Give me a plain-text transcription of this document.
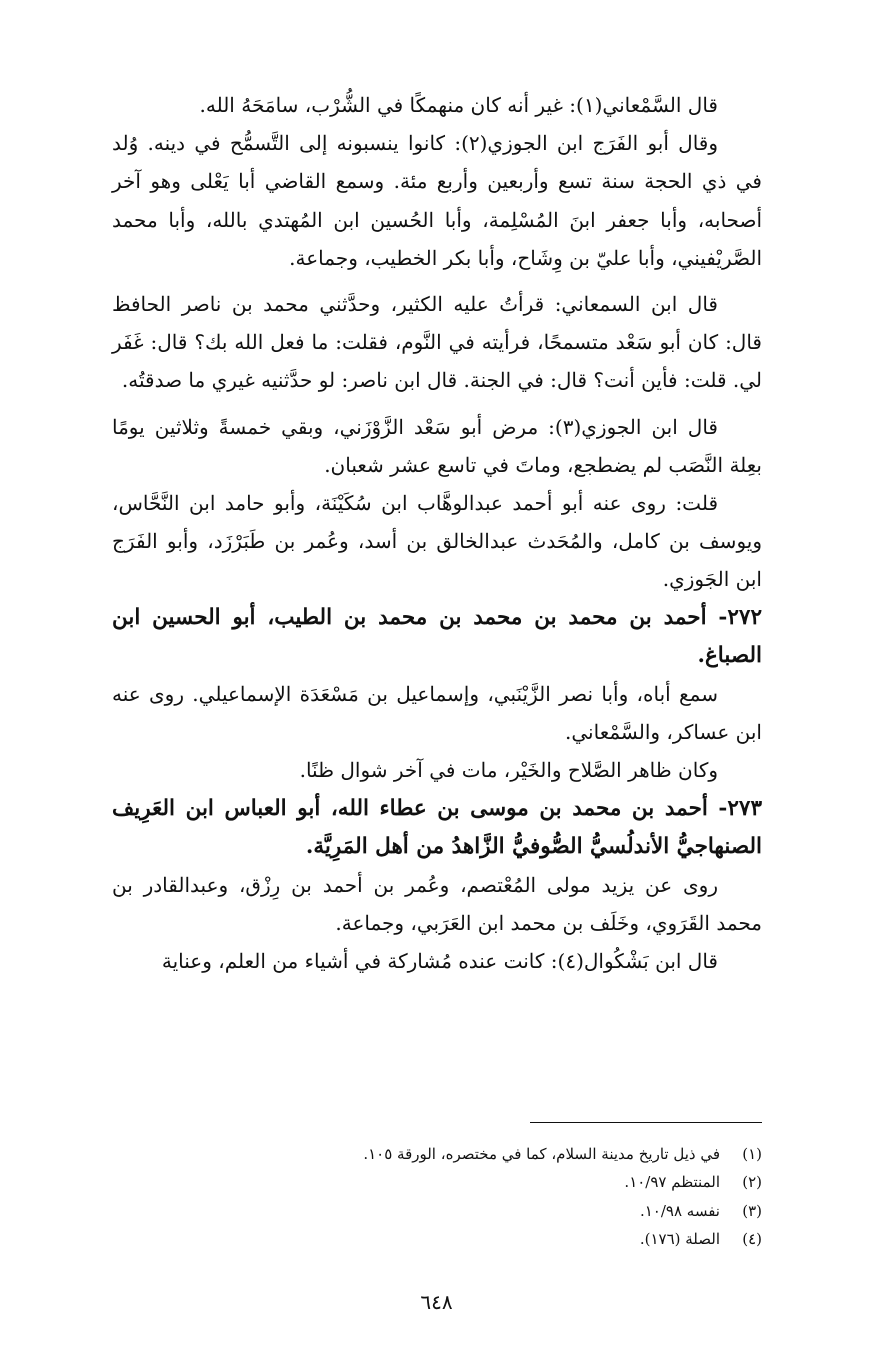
قال السَّمْعاني(١): غير أنه كان منهمكًا في الشُّرْب، سامَحَهُ الله.

وقال أبو الفَرَج ابن الجوزي(٢): كانوا ينسبونه إلى التَّسمُّح في دينه. وُلد في ذي الحجة سنة تسع وأربعين وأربع مئة. وسمع القاضي أبا يَعْلى وهو آخر أصحابه، وأبا جعفر ابنَ المُسْلِمة، وأبا الحُسين ابن المُهتدي بالله، وأبا محمد الصَّريْفيني، وأبا عليّ بن وِشَاح، وأبا بكر الخطيب، وجماعة.

قال ابن السمعاني: قرأتُ عليه الكثير، وحدَّثني محمد بن ناصر الحافظ قال: كان أبو سَعْد متسمحًا، فرأيته في النَّوم، فقلت: ما فعل الله بك؟ قال: غَفَر لي. قلت: فأين أنت؟ قال: في الجنة. قال ابن ناصر: لو حدَّثنيه غيري ما صدقتُه.

قال ابن الجوزي(٣): مرض أبو سَعْد الزَّوْزَني، وبقي خمسةً وثلاثين يومًا بعِلة النَّصَب لم يضطجع، وماتَ في تاسع عشر شعبان.

قلت: روى عنه أبو أحمد عبدالوهَّاب ابن سُكَيْنَة، وأبو حامد ابن النَّحَّاس، ويوسف بن كامل، والمُحَدث عبدالخالق بن أسد، وعُمر بن طَبَرْزَد، وأبو الفَرَج ابن الجَوزي.

٢٧٢- أحمد بن محمد بن محمد بن محمد بن الطيب، أبو الحسين ابن الصباغ.

سمع أباه، وأبا نصر الزَّيْنَبي، وإسماعيل بن مَسْعَدَة الإسماعيلي. روى عنه ابن عساكر، والسَّمْعاني.

وكان ظاهر الصَّلاح والخَيْر، مات في آخر شوال ظنًا.

٢٧٣- أحمد بن محمد بن موسى بن عطاء الله، أبو العباس ابن العَرِيف الصنهاجيُّ الأندلُسيُّ الصُّوفيُّ الزَّاهدُ من أهل المَرِيَّة.

روى عن يزيد مولى المُعْتصم، وعُمر بن أحمد بن رِزْق، وعبدالقادر بن محمد القَرَوي، وخَلَف بن محمد ابن العَرَبي، وجماعة.

قال ابن بَشْكُوال(٤): كانت عنده مُشاركة في أشياء من العلم، وعناية

(١)في ذيل تاريخ مدينة السلام، كما في مختصره، الورقة ١٠٥.
(٢)المنتظم ١٠/٩٧.
(٣)نفسه ١٠/٩٨.
(٤)الصلة (١٧٦).
٦٤٨
